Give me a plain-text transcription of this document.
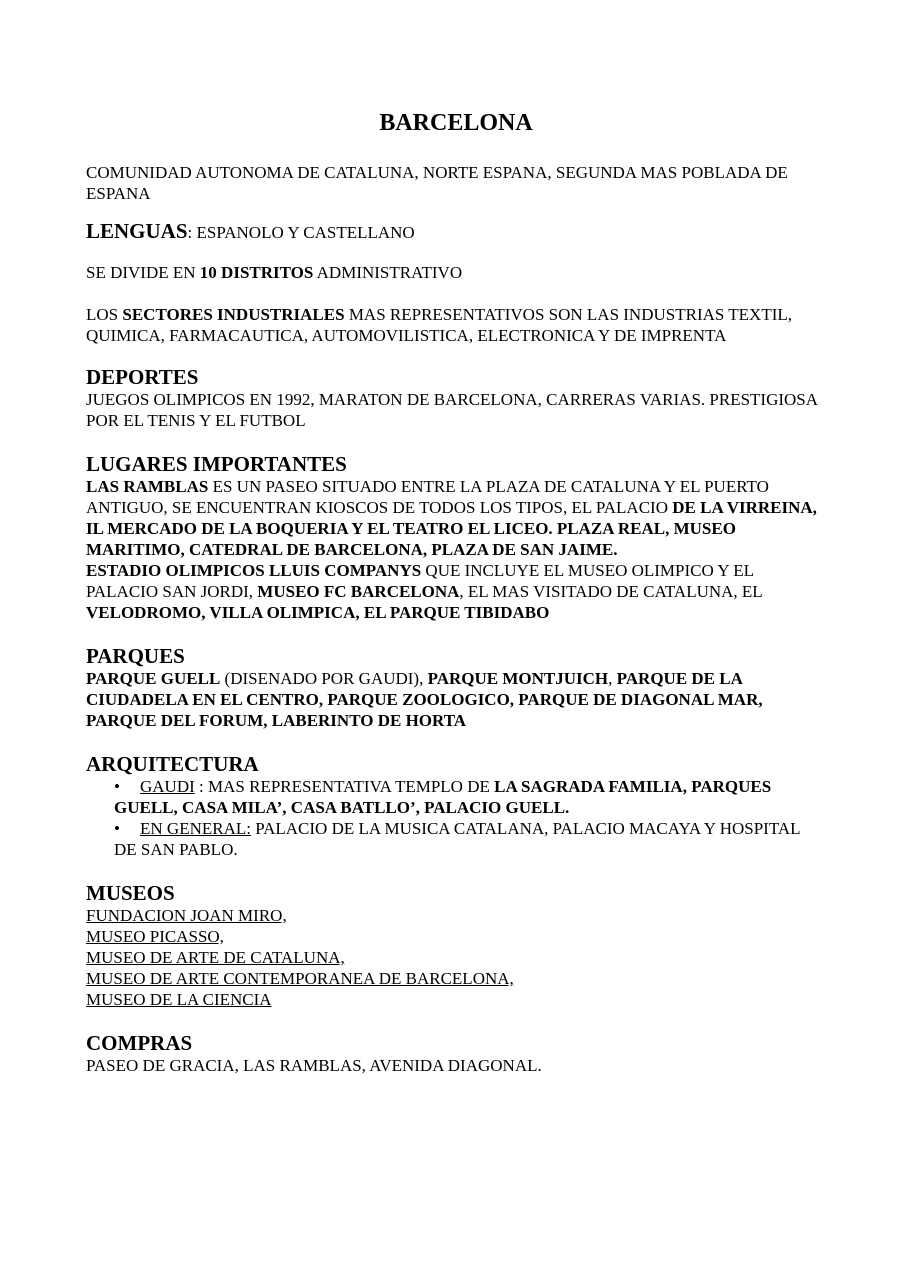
BARCELONA

COMUNIDAD AUTONOMA DE CATALUNA, NORTE ESPANA, SEGUNDA MAS POBLADA DE ESPANA

LENGUAS: ESPANOLO Y CASTELLANO

SE DIVIDE EN 10 DISTRITOS ADMINISTRATIVO

LOS SECTORES INDUSTRIALES MAS REPRESENTATIVOS SON LAS INDUSTRIAS TEXTIL, QUIMICA, FARMACAUTICA, AUTOMOVILISTICA, ELECTRONICA Y DE IMPRENTA

DEPORTES

JUEGOS OLIMPICOS EN 1992, MARATON DE BARCELONA, CARRERAS VARIAS. PRESTIGIOSA POR EL TENIS Y EL FUTBOL

LUGARES IMPORTANTES

LAS RAMBLAS ES UN PASEO SITUADO ENTRE LA PLAZA DE CATALUNA Y EL PUERTO ANTIGUO, SE ENCUENTRAN KIOSCOS DE TODOS LOS TIPOS, EL PALACIO DE LA VIRREINA, IL MERCADO DE LA BOQUERIA Y EL TEATRO EL LICEO. PLAZA REAL, MUSEO MARITIMO, CATEDRAL DE BARCELONA, PLAZA DE SAN JAIME.

ESTADIO OLIMPICOS LLUIS COMPANYS QUE INCLUYE EL MUSEO OLIMPICO Y EL PALACIO SAN JORDI, MUSEO FC BARCELONA, EL MAS VISITADO DE CATALUNA, EL VELODROMO, VILLA OLIMPICA, EL PARQUE TIBIDABO

PARQUES

PARQUE GUELL (DISENADO POR GAUDI), PARQUE MONTJUICH, PARQUE DE LA CIUDADELA EN EL CENTRO, PARQUE ZOOLOGICO, PARQUE DE DIAGONAL MAR, PARQUE DEL FORUM, LABERINTO DE HORTA

ARQUITECTURA
•	GAUDI : MAS REPRESENTATIVA TEMPLO DE LA SAGRADA FAMILIA, PARQUES GUELL, CASA MILA’, CASA BATLLO’, PALACIO GUELL.
•	EN GENERAL: PALACIO DE LA MUSICA CATALANA, PALACIO MACAYA Y HOSPITAL DE SAN PABLO.
MUSEOS
FUNDACION JOAN MIRO,
MUSEO PICASSO,
MUSEO DE ARTE DE CATALUNA,
MUSEO DE ARTE CONTEMPORANEA DE BARCELONA,
MUSEO DE LA CIENCIA
COMPRAS

PASEO DE GRACIA, LAS RAMBLAS, AVENIDA DIAGONAL.
